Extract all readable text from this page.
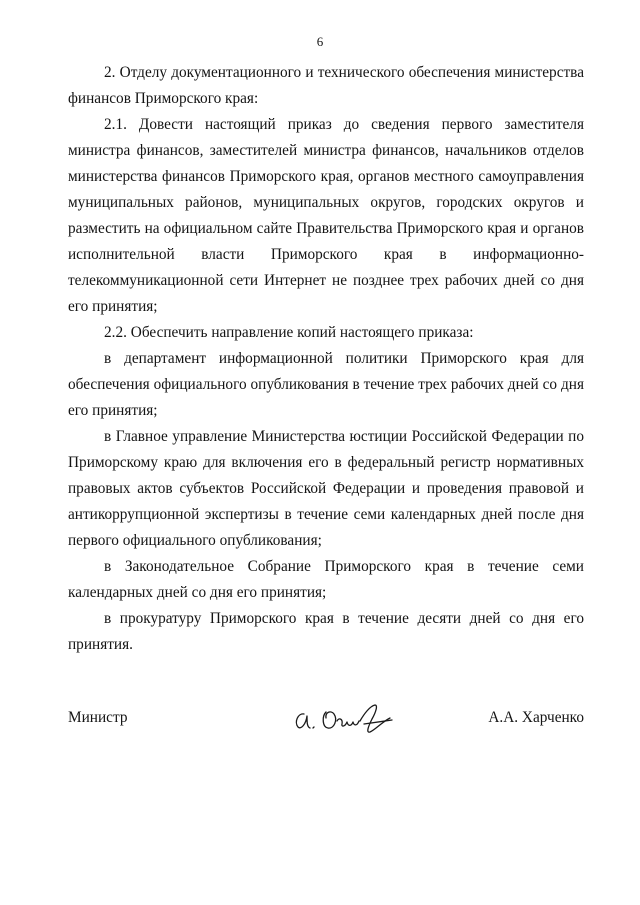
6

2. Отделу документационного и технического обеспечения министерства финансов Приморского края:

2.1. Довести настоящий приказ до сведения первого заместителя министра финансов, заместителей министра финансов, начальников отделов министерства финансов Приморского края, органов местного самоуправления муниципальных районов, муниципальных округов, городских округов и разместить на официальном сайте Правительства Приморского края и органов исполнительной власти Приморского края в информационно-телекоммуникационной сети Интернет не позднее трех рабочих дней со дня его принятия;

2.2. Обеспечить направление копий настоящего приказа:

в департамент информационной политики Приморского края для обеспечения официального опубликования в течение трех рабочих дней со дня его принятия;

в Главное управление Министерства юстиции Российской Федерации по Приморскому краю для включения его в федеральный регистр нормативных правовых актов субъектов Российской Федерации и проведения правовой и антикоррупционной экспертизы в течение семи календарных дней после дня первого официального опубликования;

в Законодательное Собрание Приморского края в течение семи календарных дней со дня его принятия;

в прокуратуру Приморского края в течение десяти дней со дня его принятия.

Министр	А.А. Харченко
